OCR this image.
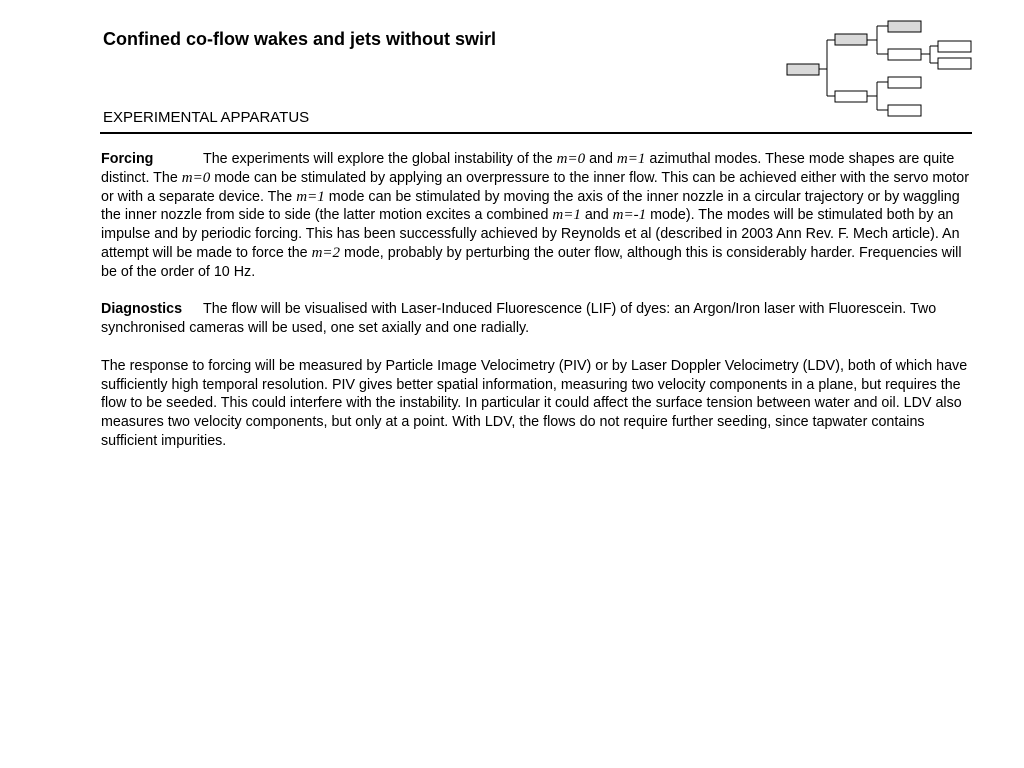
Confined co-flow wakes and jets without swirl
EXPERIMENTAL APPARATUS

Forcing	The experiments will explore the global instability of the m=0 and m=1 azimuthal modes. These mode shapes are quite distinct. The m=0 mode can be stimulated by applying an overpressure to the inner flow. This can be achieved either with the servo motor or with a separate device. The m=1 mode can be stimulated by moving the axis of the inner nozzle in a circular trajectory or by waggling the inner nozzle from side to side (the latter motion excites a combined m=1 and m=-1 mode). The modes will be stimulated both by an impulse and by periodic forcing. This has been successfully achieved by Reynolds et al (described in 2003 Ann Rev. F. Mech article). An attempt will be made to force the m=2 mode, probably by perturbing the outer flow, although this is considerably harder. Frequencies will be of the order of 10 Hz.

Diagnostics The flow will be visualised with Laser-Induced Fluorescence (LIF) of dyes: an Argon/Iron laser with Fluorescein. Two synchronised cameras will be used, one set axially and one radially.

The response to forcing will be measured by Particle Image Velocimetry (PIV) or by Laser Doppler Velocimetry (LDV), both of which have sufficiently high temporal resolution. PIV gives better spatial information, measuring two velocity components in a plane, but requires the flow to be seeded. This could interfere with the instability. In particular it could affect the surface tension between water and oil. LDV also measures two velocity components, but only at a point. With LDV, the flows do not require further seeding, since tapwater contains sufficient impurities.
